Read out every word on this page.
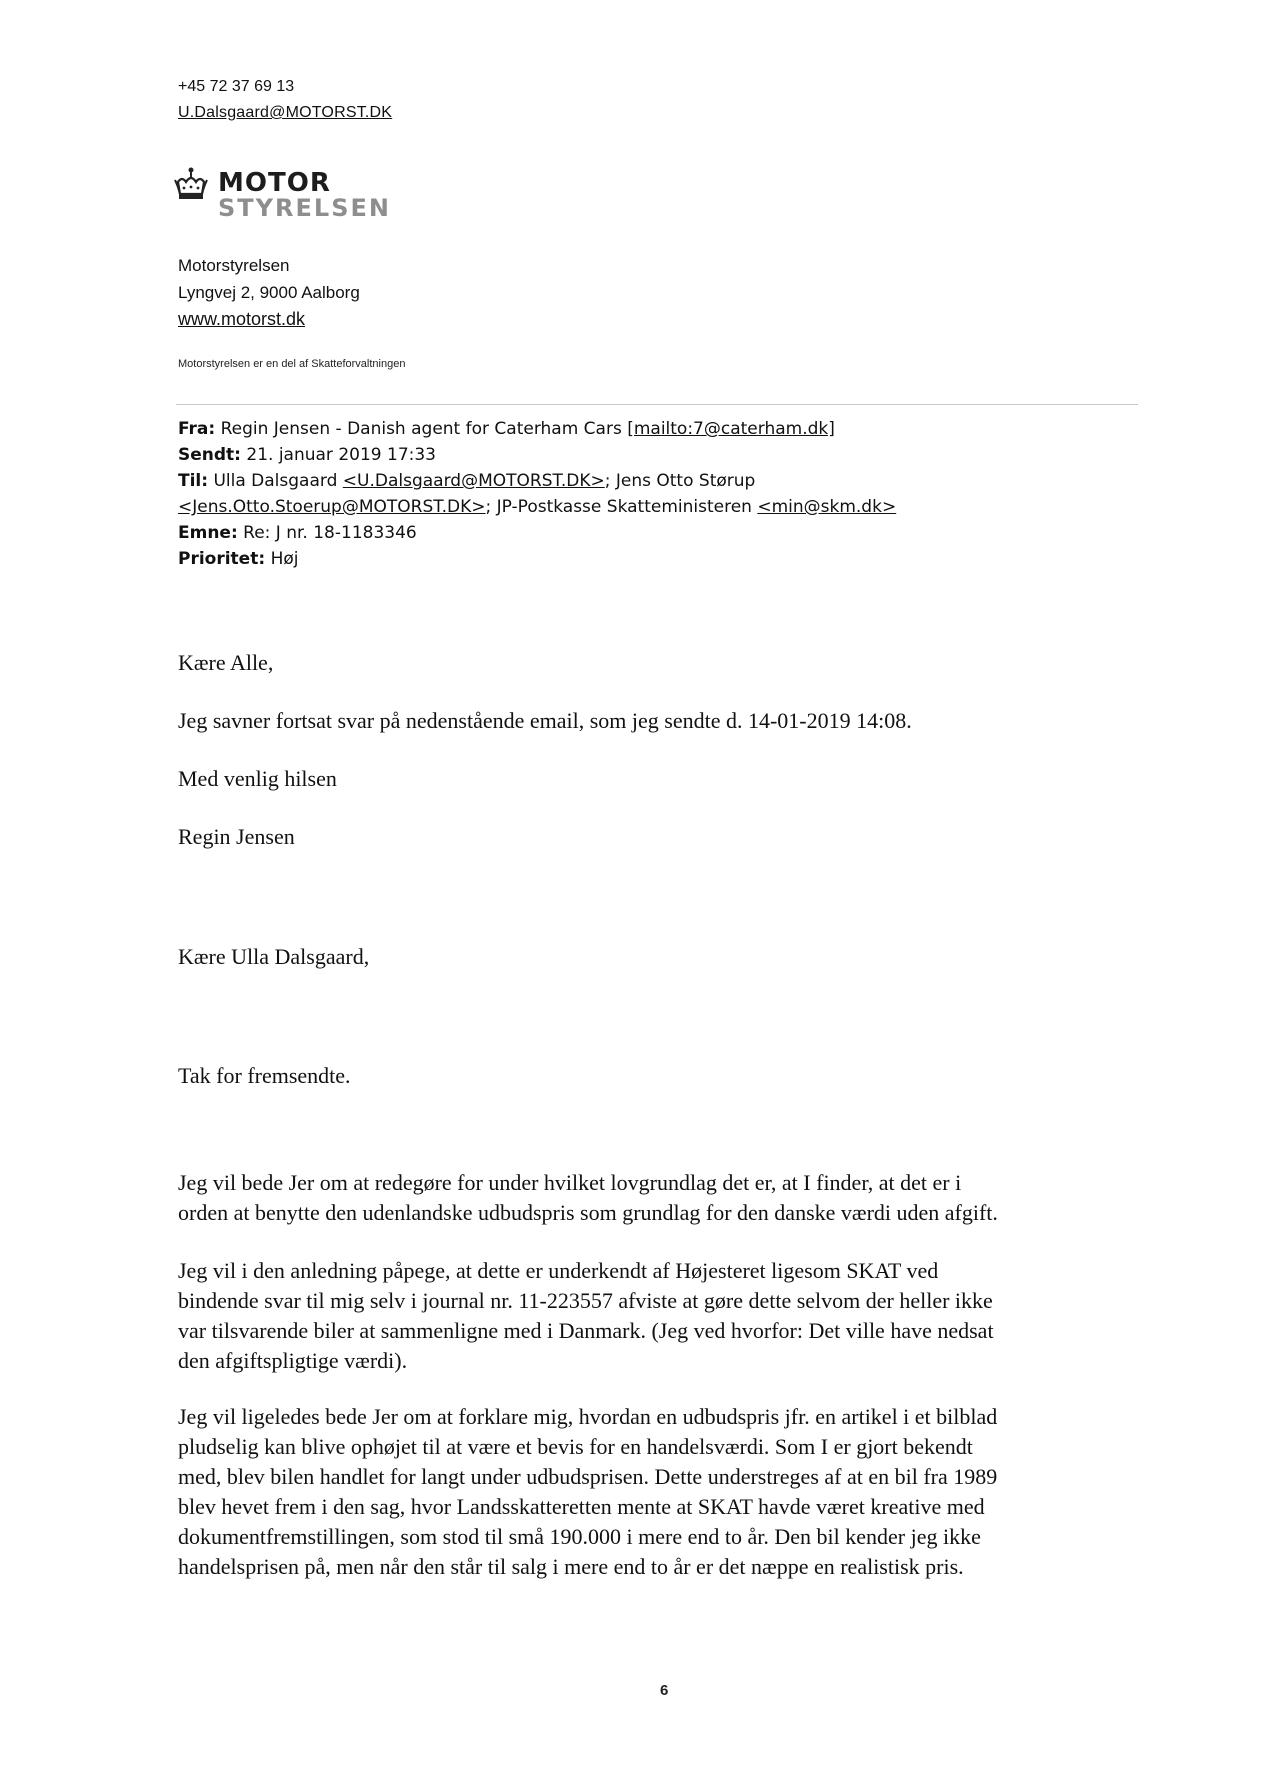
+45 72 37 69 13
U.Dalsgaard@MOTORST.DK
MOTOR
STYRELSEN
Motorstyrelsen
Lyngvej 2, 9000 Aalborg
www.motorst.dk
Motorstyrelsen er en del af Skatteforvaltningen
Fra: Regin Jensen - Danish agent for Caterham Cars [mailto:7@caterham.dk]
Sendt: 21. januar 2019 17:33
Til: Ulla Dalsgaard <U.Dalsgaard@MOTORST.DK>; Jens Otto Størup
<Jens.Otto.Stoerup@MOTORST.DK>; JP-Postkasse Skatteministeren <min@skm.dk>
Emne: Re: J nr. 18-1183346
Prioritet: Høj
Kære Alle,
Jeg savner fortsat svar på nedenstående email, som jeg sendte d. 14-01-2019 14:08.
Med venlig hilsen
Regin Jensen
Kære Ulla Dalsgaard,
Tak for fremsendte.
Jeg vil bede Jer om at redegøre for under hvilket lovgrundlag det er, at I finder, at det er i
orden at benytte den udenlandske udbudspris som grundlag for den danske værdi uden afgift.
Jeg vil i den anledning påpege, at dette er underkendt af Højesteret ligesom SKAT ved
bindende svar til mig selv i journal nr. 11-223557 afviste at gøre dette selvom der heller ikke
var tilsvarende biler at sammenligne med i Danmark. (Jeg ved hvorfor: Det ville have nedsat
den afgiftspligtige værdi).
Jeg vil ligeledes bede Jer om at forklare mig, hvordan en udbudspris jfr. en artikel i et bilblad
pludselig kan blive ophøjet til at være et bevis for en handelsværdi. Som I er gjort bekendt
med, blev bilen handlet for langt under udbudsprisen. Dette understreges af at en bil fra 1989
blev hevet frem i den sag, hvor Landsskatteretten mente at SKAT havde været kreative med
dokumentfremstillingen, som stod til små 190.000 i mere end to år. Den bil kender jeg ikke
handelsprisen på, men når den står til salg i mere end to år er det næppe en realistisk pris.
6
